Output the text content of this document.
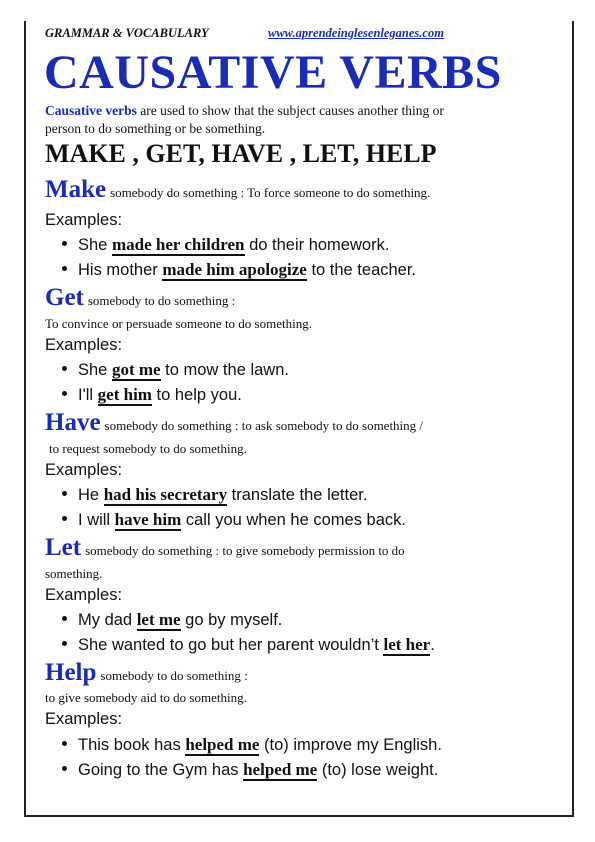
GRAMMAR & VOCABULARY	www.aprendeinglesenleganes.com
CAUSATIVE VERBS
Causative verbs are used to show that the subject causes another thing or
person to do something or be something.
MAKE , GET, HAVE , LET, HELP
Make somebody do something : To force someone to do something.
Examples:
She made her children do their homework.
His mother made him apologize to the teacher.
Get somebody to do something :
To convince or persuade someone to do something.
Examples:
She got me to mow the lawn.
I'll get him to help you.
Have somebody do something : to ask somebody to do something /
to request somebody to do something.
Examples:
He had his secretary translate the letter.
I will have him call you when he comes back.
Let somebody do something : to give somebody permission to do
something.
Examples:
My dad let me go by myself.
She wanted to go but her parent wouldn’t let her.
Help somebody to do something :
to give somebody aid to do something.
Examples:
This book has helped me (to) improve my English.
Going to the Gym has helped me (to) lose weight.
